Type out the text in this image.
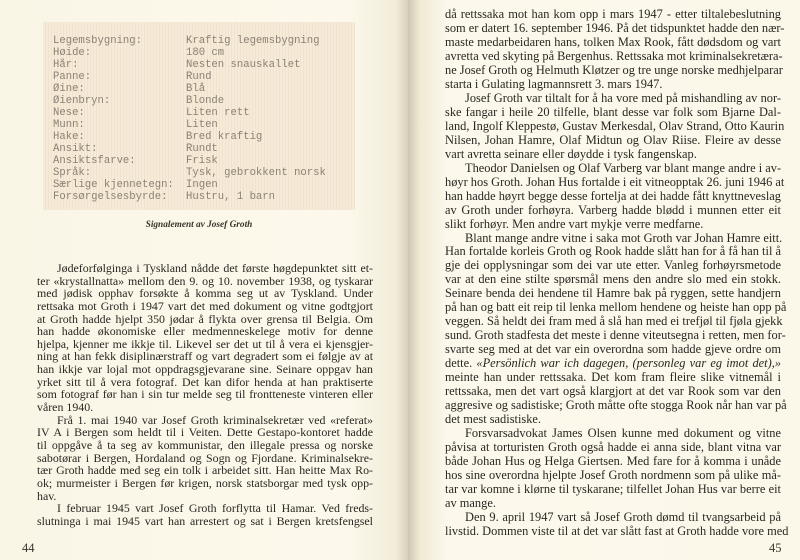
Legemsbygning:	Kraftig legemsbygning
Høide:	180 cm
Hår:	Nesten snauskallet
Panne:	Rund
Øine:	Blå
Øienbryn:	Blonde
Nese:	Liten rett
Munn:	Liten
Hake:	Bred kraftig
Ansikt:	Rundt
Ansiktsfarve:	Frisk
Språk:	Tysk, gebrokkent norsk
Særlige kjennetegn: Ingen
Forsørgelsesbyrde: Hustru, 1 barn
Signalement av Josef Groth
Jødeforfølginga i Tyskland nådde det første høgdepunktet sitt et-
ter «krystallnatta» mellom den 9. og 10. november 1938, og tyskarar
med jødisk opphav forsøkte å komma seg ut av Tyskland. Under
rettsaka mot Groth i 1947 vart det med dokument og vitne godtgjort
at Groth hadde hjelpt 350 jødar å flykta over grensa til Belgia. Om
han hadde økonomiske eller medmenneskelege motiv for denne
hjelpa, kjenner me ikkje til. Likevel ser det ut til å vera ei kjensgjer-
ning at han fekk disiplinærstraff og vart degradert som ei følgje av at
han ikkje var lojal mot oppdragsgjevarane sine. Seinare oppgav han
yrket sitt til å vera fotograf. Det kan difor henda at han praktiserte
som fotograf før han i sin tur melde seg til frontteneste vinteren eller
våren 1940.
Frå 1. mai 1940 var Josef Groth kriminalsekretær ved «referat»
IV A i Bergen som heldt til i Veiten. Dette Gestapo-kontoret hadde
til oppgåve å ta seg av kommunistar, den illegale pressa og norske
sabotørar i Bergen, Hordaland og Sogn og Fjordane. Kriminalsekre-
tær Groth hadde med seg ein tolk i arbeidet sitt. Han heitte Max Ro-
ok; murmeister i Bergen før krigen, norsk statsborgar med tysk opp-
hav.
I februar 1945 vart Josef Groth forflytta til Hamar. Ved freds-
slutninga i mai 1945 vart han arrestert og sat i Bergen kretsfengsel
44
då rettssaka mot han kom opp i mars 1947 - etter tiltalebeslutning
som er datert 16. september 1946. På det tidspunktet hadde den nær-
maste medarbeidaren hans, tolken Max Rook, fått dødsdom og vart
avretta ved skyting på Bergenhus. Rettssaka mot kriminalsekretæra-
ne Josef Groth og Helmuth Kløtzer og tre unge norske medhjelparar
starta i Gulating lagmannsrett 3. mars 1947.
Josef Groth var tiltalt for å ha vore med på mishandling av nor-
ske fangar i heile 20 tilfelle, blant desse var folk som Bjarne Dal-
land, Ingolf Kleppestø, Gustav Merkesdal, Olav Strand, Otto Kaurin
Nilsen, Johan Hamre, Olaf Midtun og Olav Riise. Fleire av desse
vart avretta seinare eller døydde i tysk fangenskap.
Theodor Danielsen og Olaf Varberg var blant mange andre i av-
høyr hos Groth. Johan Hus fortalde i eit vitneopptak 26. juni 1946 at
han hadde høyrt begge desse fortelja at dei hadde fått knyttneveslag
av Groth under forhøyra. Varberg hadde blødd i munnen etter eit
slikt forhøyr. Men andre vart mykje verre medfarne.
Blant mange andre vitne i saka mot Groth var Johan Hamre eitt.
Han fortalde korleis Groth og Rook hadde slått han for å få han til å
gje dei opplysningar som dei var ute etter. Vanleg forhøyrsmetode
var at den eine stilte spørsmål mens den andre slo med ein stokk.
Seinare benda dei hendene til Hamre bak på ryggen, sette handjern
på han og batt eit reip til lenka mellom hendene og heiste han opp på
veggen. Så heldt dei fram med å slå han med ei trefjøl til fjøla gjekk
sund. Groth stadfesta det meste i denne viteutsegna i retten, men for-
svarte seg med at det var ein overordna som hadde gjeve ordre om
dette. «Persönlich war ich dagegen, (personleg var eg imot det),»
meinte han under rettssaka. Det kom fram fleire slike vitnemål i
rettssaka, men det vart også klargjort at det var Rook som var den
aggresive og sadistiske; Groth måtte ofte stogga Rook når han var på
det mest sadistiske.
Forsvarsadvokat James Olsen kunne med dokument og vitne
påvisa at torturisten Groth også hadde ei anna side, blant vitna var
både Johan Hus og Helga Giertsen. Med fare for å komma i unåde
hos sine overordna hjelpte Josef Groth nordmenn som på ulike må-
tar var komne i klørne til tyskarane; tilfellet Johan Hus var berre eit
av mange.
Den 9. april 1947 vart så Josef Groth dømd til tvangsarbeid på
livstid. Dommen viste til at det var slått fast at Groth hadde vore med
45
